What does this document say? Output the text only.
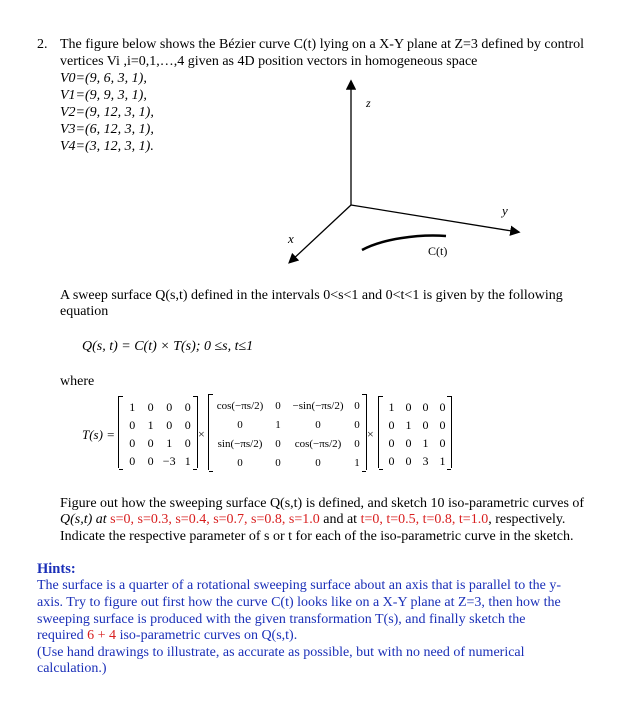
2. The figure below shows the Bézier curve C(t) lying on a X-Y plane at Z=3 defined by control
vertices Vi ,i=0,1,…,4 given as 4D position vectors in homogeneous space
V0=(9, 6, 3, 1),
V1=(9, 9, 3, 1),
V2=(9, 12, 3, 1),
V3=(6, 12, 3, 1),
V4=(3, 12, 3, 1).
z
y
x
C(t)
A sweep surface Q(s,t) defined in the intervals 0<s<1 and 0<t<1 is given by the following
equation
Q(s, t) = C(t) × T(s); 0 ≤s, t≤1
where
T(s) =
1	0	0	0
0	1	0	0
0	0	1	0
0	0	−3	1
×
cos(−πs/2)	0	−sin(−πs/2)	0
0	1	0	0
sin(−πs/2)	0	cos(−πs/2)	0
0	0	0	1
×
1	0	0	0
0	1	0	0
0	0	1	0
0	0	3	1
Figure out how the sweeping surface Q(s,t) is defined, and sketch 10 iso-parametric curves of
Q(s,t) at s=0, s=0.3, s=0.4, s=0.7, s=0.8, s=1.0 and at t=0, t=0.5, t=0.8, t=1.0, respectively.
Indicate the respective parameter of s or t for each of the iso-parametric curve in the sketch.
Hints:
The surface is a quarter of a rotational sweeping surface about an axis that is parallel to the y-
axis. Try to figure out first how the curve C(t) looks like on a X-Y plane at Z=3, then how the
sweeping surface is produced with the given transformation T(s), and finally sketch the
required 6 + 4 iso-parametric curves on Q(s,t).
(Use hand drawings to illustrate, as accurate as possible, but with no need of numerical
calculation.)
